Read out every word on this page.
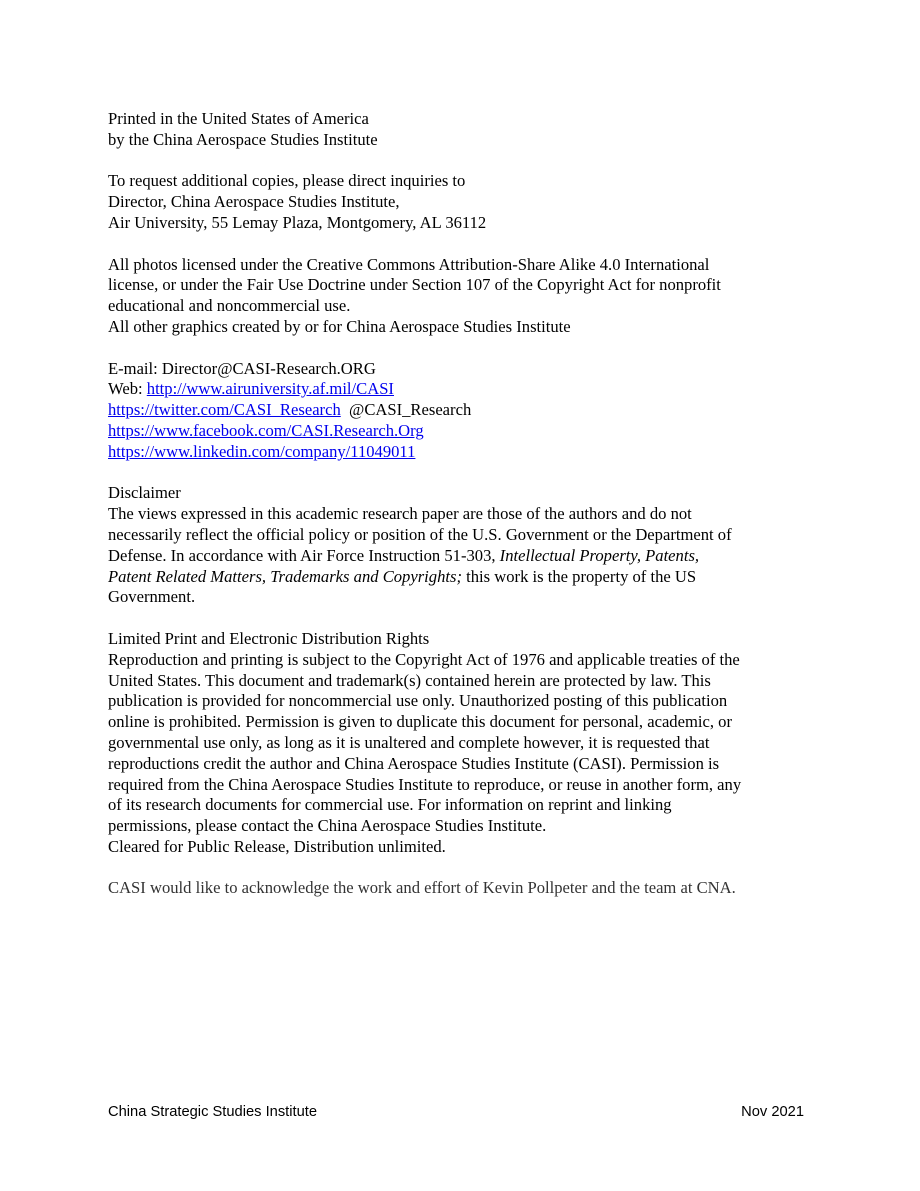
Printed in the United States of America
by the China Aerospace Studies Institute
To request additional copies, please direct inquiries to
Director, China Aerospace Studies Institute,
Air University, 55 Lemay Plaza, Montgomery, AL 36112
All photos licensed under the Creative Commons Attribution-Share Alike 4.0 International
license, or under the Fair Use Doctrine under Section 107 of the Copyright Act for nonprofit
educational and noncommercial use.
All other graphics created by or for China Aerospace Studies Institute
E-mail: Director@CASI-Research.ORG
Web: http://www.airuniversity.af.mil/CASI
https://twitter.com/CASI_Research @CASI_Research
https://www.facebook.com/CASI.Research.Org
https://www.linkedin.com/company/11049011
Disclaimer
The views expressed in this academic research paper are those of the authors and do not
necessarily reflect the official policy or position of the U.S. Government or the Department of
Defense. In accordance with Air Force Instruction 51-303, Intellectual Property, Patents,
Patent Related Matters, Trademarks and Copyrights; this work is the property of the US
Government.
Limited Print and Electronic Distribution Rights
Reproduction and printing is subject to the Copyright Act of 1976 and applicable treaties of the
United States. This document and trademark(s) contained herein are protected by law. This
publication is provided for noncommercial use only. Unauthorized posting of this publication
online is prohibited. Permission is given to duplicate this document for personal, academic, or
governmental use only, as long as it is unaltered and complete however, it is requested that
reproductions credit the author and China Aerospace Studies Institute (CASI). Permission is
required from the China Aerospace Studies Institute to reproduce, or reuse in another form, any
of its research documents for commercial use. For information on reprint and linking
permissions, please contact the China Aerospace Studies Institute.
Cleared for Public Release, Distribution unlimited.
CASI would like to acknowledge the work and effort of Kevin Pollpeter and the team at CNA.
China Strategic Studies Institute	Nov 2021
